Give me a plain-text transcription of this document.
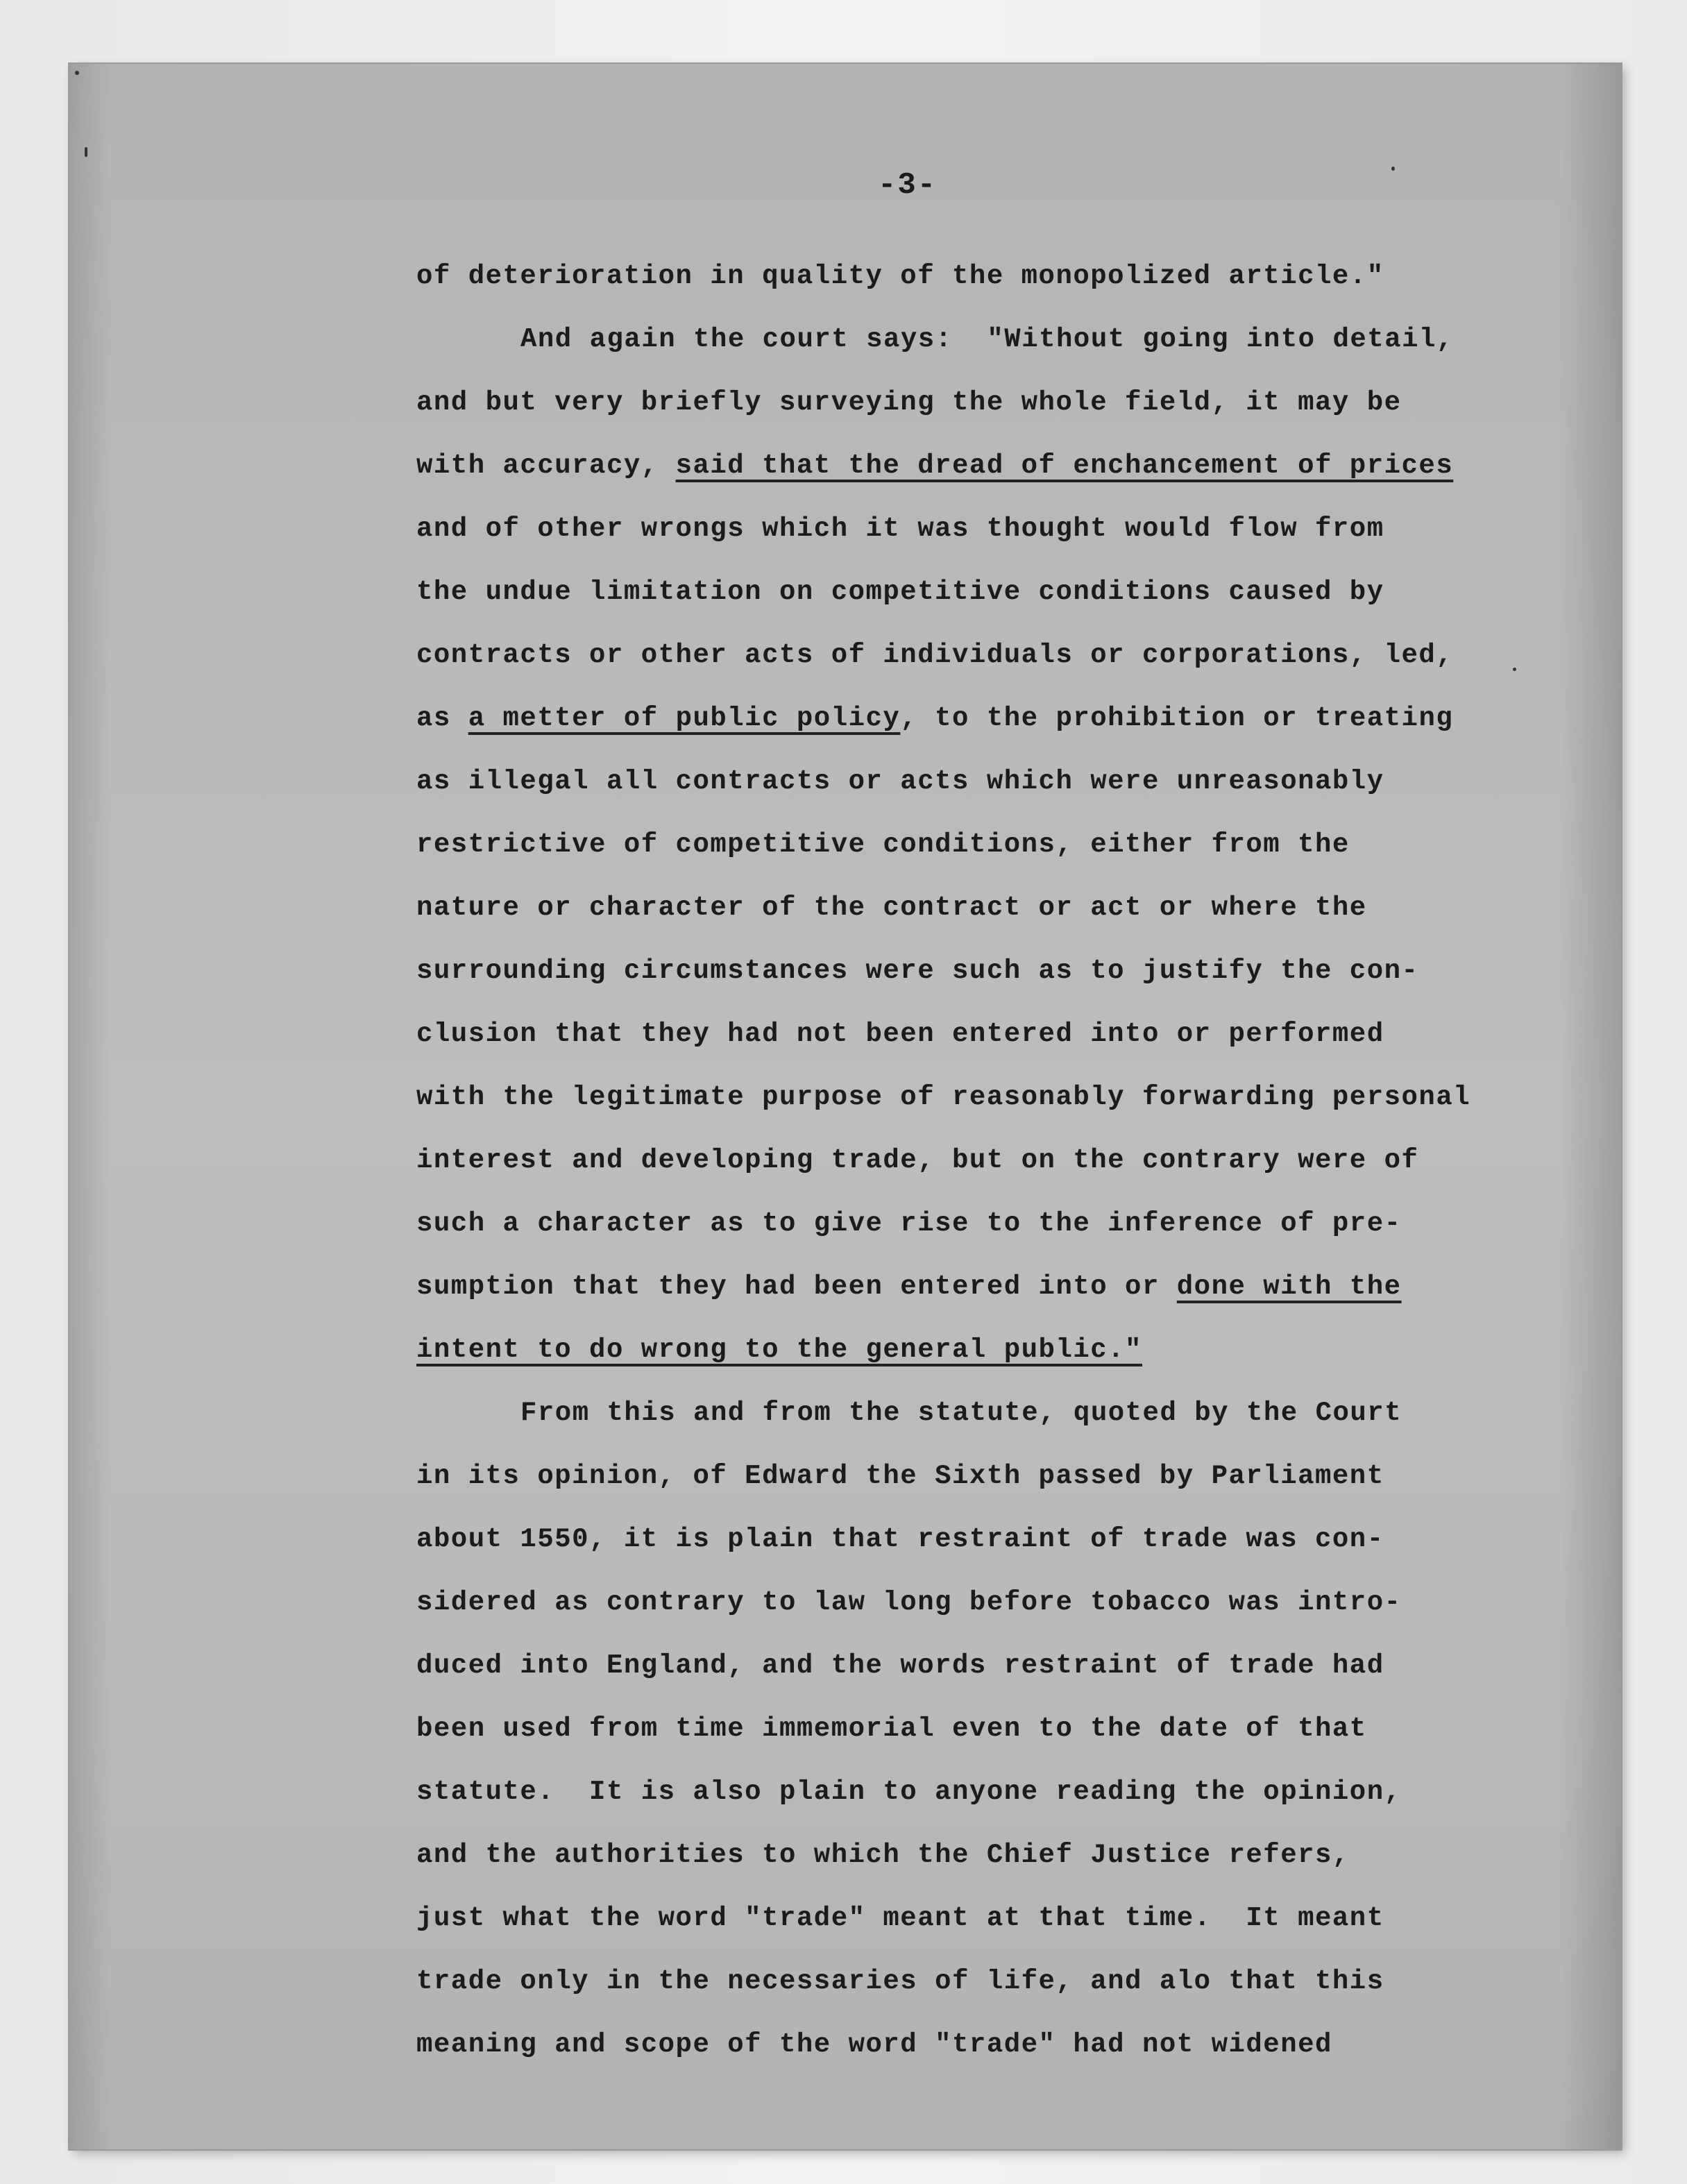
-3-
of deterioration in quality of the monopolized article."
And again the court says:  "Without going into detail,
and but very briefly surveying the whole field, it may be
with accuracy, said that the dread of enchancement of prices
and of other wrongs which it was thought would flow from
the undue limitation on competitive conditions caused by
contracts or other acts of individuals or corporations, led,
as a metter of public policy, to the prohibition or treating
as illegal all contracts or acts which were unreasonably
restrictive of competitive conditions, either from the
nature or character of the contract or act or where the
surrounding circumstances were such as to justify the con-
clusion that they had not been entered into or performed
with the legitimate purpose of reasonably forwarding personal
interest and developing trade, but on the contrary were of
such a character as to give rise to the inference of pre-
sumption that they had been entered into or done with the
intent to do wrong to the general public."
From this and from the statute, quoted by the Court
in its opinion, of Edward the Sixth passed by Parliament
about 1550, it is plain that restraint of trade was con-
sidered as contrary to law long before tobacco was intro-
duced into England, and the words restraint of trade had
been used from time immemorial even to the date of that
statute.  It is also plain to anyone reading the opinion,
and the authorities to which the Chief Justice refers,
just what the word "trade" meant at that time.  It meant
trade only in the necessaries of life, and alo that this
meaning and scope of the word "trade" had not widened
